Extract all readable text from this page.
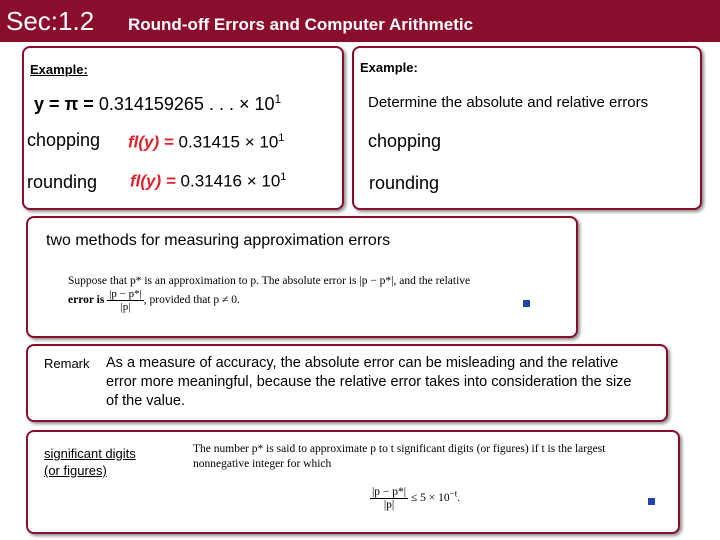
Sec:1.2 Round-off Errors and Computer Arithmetic
Example:
y = π = 0.314159265 . . . × $10^1$
chopping $fl(y) = 0.31415 \times 10^1$
rounding $fl(y) = 0.31416 \times 10^1$
Example:
Determine the absolute and relative errors
chopping
rounding
two methods for measuring approximation errors
Suppose that p* is an approximation to p. The absolute error is |p − p*|, and the relative
error is $\frac{|p - p*|}{|p|}$ , provided that p ≠ 0.
Remark As a measure of accuracy, the absolute error can be misleading and the relative error more meaningful, because the relative error takes into consideration the size of the value.
significant digits
(or figures)
The number p* is said to approximate p to t significant digits (or figures) if t is the largest
nonnegative integer for which
$\frac{|p - p*|}{|p|} \le 5 \times 10^{-t}$.
